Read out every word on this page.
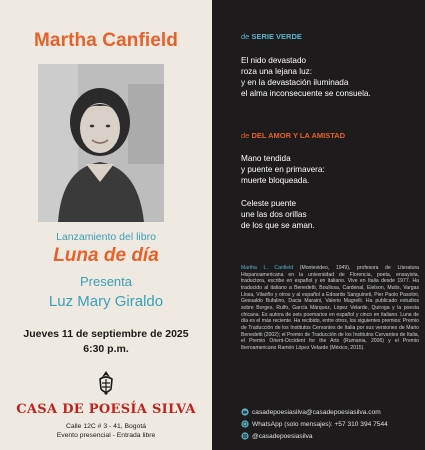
Martha Canfield
Lanzamiento del libro
Luna de día
Presenta
Luz Mary Giraldo
Jueves 11 de septiembre de 2025
6:30 p.m.
CASA DE POESÍA SILVA
Calle 12C # 3 - 41, Bogotá
Evento presencial - Entrada libre
de SERIE VERDE
El nido devastado
roza una lejana luz:
y en la devastación iluminada
el alma inconsecuente se consuela.
de DEL AMOR Y LA AMISTAD
Mano tendida
y puente en primavera:
muerte bloqueada.
Celeste puente
une las dos orillas
de los que se aman.
Martha L. Canfield (Montevideo, 1949), profesora de Literatura Hispanoamericana en la universidad de Florencia, poeta, ensayista, traductora, escribe en español y en italiano. Vive en Italia desde 1977. Ha traducido al italiano a Benedetti, Boullosa, Cardenal, Eielson, Mutis, Vargas Llosa, Vilariño y otros y al español a Edoardo Sanguineti, Pier Paolo Pasolini, Gesualdo Bufalino, Dacia Maraini, Valerio Magrelli. Ha publicado estudios sobre Borges, Rulfo, García Márquez, López Velarde, Quiroga y la poesía chicana. Es autora de seis poemarios en español y cinco en italiano. Luna de día es el más reciente. Ha recibido, entre otros, los siguientes premios: Premio de Traducción de los Institutos Cervantes de Italia por sus versiones de Mario Benedetti (2002); el Premio de Traducción de los Institutos Cervantes de Italia, el Premio Orient-Occident for the Arts (Rumania, 2006) y el Premio Iberoamericano Ramón López Velarde (México, 2015).
casadepoesiasilva@casadepoesiasilva.com
WhatsApp (solo mensajes): +57 310 394 7544
@casadepoesiasilva
